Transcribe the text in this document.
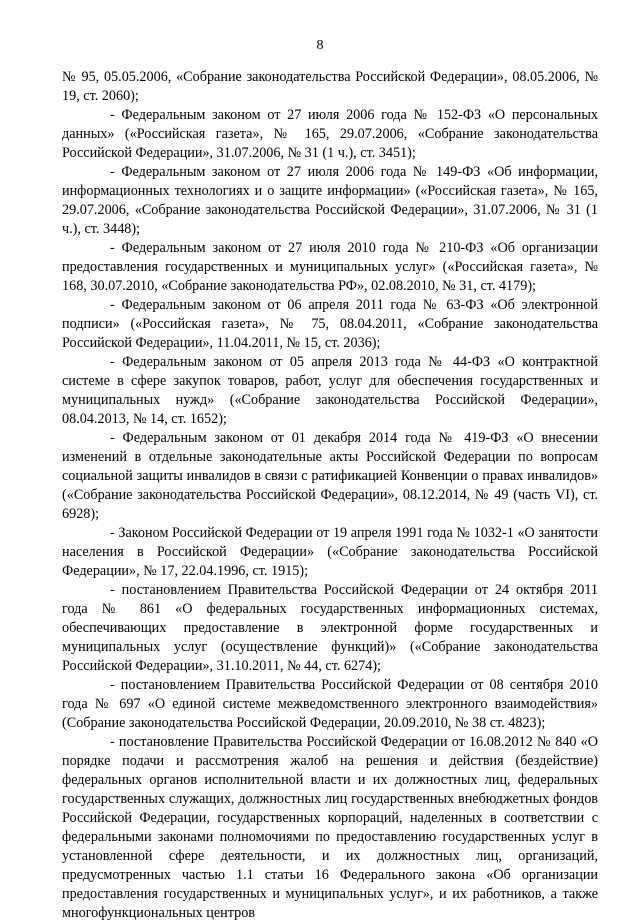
8

№ 95, 05.05.2006, «Собрание законодательства Российской Федерации», 08.05.2006, № 19, ст. 2060);

- Федеральным законом от 27 июля 2006 года № 152-ФЗ «О персональных данных» («Российская газета», № 165, 29.07.2006, «Собрание законодательства Российской Федерации», 31.07.2006, № 31 (1 ч.), ст. 3451);

- Федеральным законом от 27 июля 2006 года № 149-ФЗ «Об информации, информационных технологиях и о защите информации» («Российская газета», № 165, 29.07.2006, «Собрание законодательства Российской Федерации», 31.07.2006, № 31 (1 ч.), ст. 3448);

- Федеральным законом от 27 июля 2010 года № 210-ФЗ «Об организации предоставления государственных и муниципальных услуг» («Российская газета», № 168, 30.07.2010, «Собрание законодательства РФ», 02.08.2010, № 31, ст. 4179);

- Федеральным законом от 06 апреля 2011 года № 63-ФЗ «Об электронной подписи» («Российская газета», № 75, 08.04.2011, «Собрание законодательства Российской Федерации», 11.04.2011, № 15, ст. 2036);

- Федеральным законом от 05 апреля 2013 года № 44-ФЗ «О контрактной системе в сфере закупок товаров, работ, услуг для обеспечения государственных и муниципальных нужд» («Собрание законодательства Российской Федерации», 08.04.2013, № 14, ст. 1652);

- Федеральным законом от 01 декабря 2014 года № 419-ФЗ «О внесении изменений в отдельные законодательные акты Российской Федерации по вопросам социальной защиты инвалидов в связи с ратификацией Конвенции о правах инвалидов» («Собрание законодательства Российской Федерации», 08.12.2014, № 49 (часть VI), ст. 6928);

- Законом Российской Федерации от 19 апреля 1991 года № 1032-1 «О занятости населения в Российской Федерации» («Собрание законодательства Российской Федерации», № 17, 22.04.1996, ст. 1915);

- постановлением Правительства Российской Федерации от 24 октября 2011 года № 861 «О федеральных государственных информационных системах, обеспечивающих предоставление в электронной форме государственных и муниципальных услуг (осуществление функций)» («Собрание законодательства Российской Федерации», 31.10.2011, № 44, ст. 6274);

- постановлением Правительства Российской Федерации от 08 сентября 2010 года № 697 «О единой системе межведомственного электронного взаимодействия» (Собрание законодательства Российской Федерации, 20.09.2010, № 38 ст. 4823);

- постановление Правительства Российской Федерации от 16.08.2012 № 840 «О порядке подачи и рассмотрения жалоб на решения и действия (бездействие) федеральных органов исполнительной власти и их должностных лиц, федеральных государственных служащих, должностных лиц государственных внебюджетных фондов Российской Федерации, государственных корпораций, наделенных в соответствии с федеральными законами полномочиями по предоставлению государственных услуг в установленной сфере деятельности, и их должностных лиц, организаций, предусмотренных частью 1.1 статьи 16 Федерального закона «Об организации предоставления государственных и муниципальных услуг», и их работников, а также многофункциональных центров
